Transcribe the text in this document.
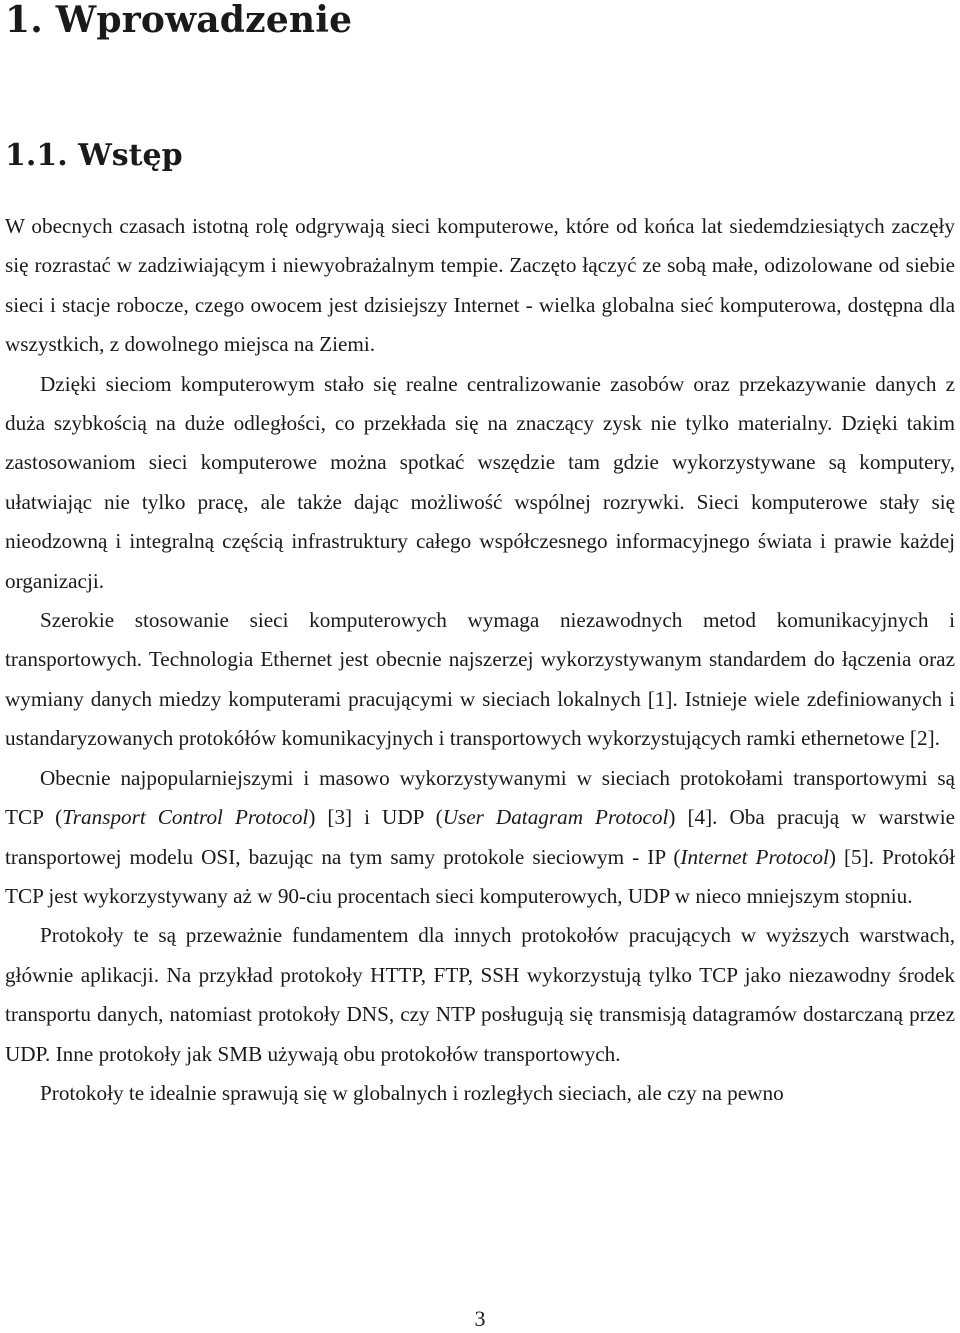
1. Wprowadzenie
1.1. Wstęp

W obecnych czasach istotną rolę odgrywają sieci komputerowe, które od końca lat siedemdziesiątych zaczęły się rozrastać w zadziwiającym i niewyobrażalnym tempie. Zaczęto łączyć ze sobą małe, odizolowane od siebie sieci i stacje robocze, czego owocem jest dzisiejszy Internet - wielka globalna sieć komputerowa, dostępna dla wszystkich, z dowolnego miejsca na Ziemi.

Dzięki sieciom komputerowym stało się realne centralizowanie zasobów oraz przekazywanie danych z duża szybkością na duże odległości, co przekłada się na znaczący zysk nie tylko materialny. Dzięki takim zastosowaniom sieci komputerowe można spotkać wszędzie tam gdzie wykorzystywane są komputery, ułatwiając nie tylko pracę, ale także dając możliwość wspólnej rozrywki. Sieci komputerowe stały się nieodzowną i integralną częścią infrastruktury całego współczesnego informacyjnego świata i prawie każdej organizacji.

Szerokie stosowanie sieci komputerowych wymaga niezawodnych metod komunikacyjnych i transportowych. Technologia Ethernet jest obecnie najszerzej wykorzystywanym standardem do łączenia oraz wymiany danych miedzy komputerami pracującymi w sieciach lokalnych [1]. Istnieje wiele zdefiniowanych i ustandaryzowanych protokółów komunikacyjnych i transportowych wykorzystujących ramki ethernetowe [2].

Obecnie najpopularniejszymi i masowo wykorzystywanymi w sieciach protokołami transportowymi są TCP (Transport Control Protocol) [3] i UDP (User Datagram Protocol) [4]. Oba pracują w warstwie transportowej modelu OSI, bazując na tym samy protokole sieciowym - IP (Internet Protocol) [5]. Protokół TCP jest wykorzystywany aż w 90-ciu procentach sieci komputerowych, UDP w nieco mniejszym stopniu.

Protokoły te są przeważnie fundamentem dla innych protokołów pracujących w wyższych warstwach, głównie aplikacji. Na przykład protokoły HTTP, FTP, SSH wykorzystują tylko TCP jako niezawodny środek transportu danych, natomiast protokoły DNS, czy NTP posługują się transmisją datagramów dostarczaną przez UDP. Inne protokoły jak SMB używają obu protokołów transportowych.

Protokoły te idealnie sprawują się w globalnych i rozległych sieciach, ale czy na pewno

3
